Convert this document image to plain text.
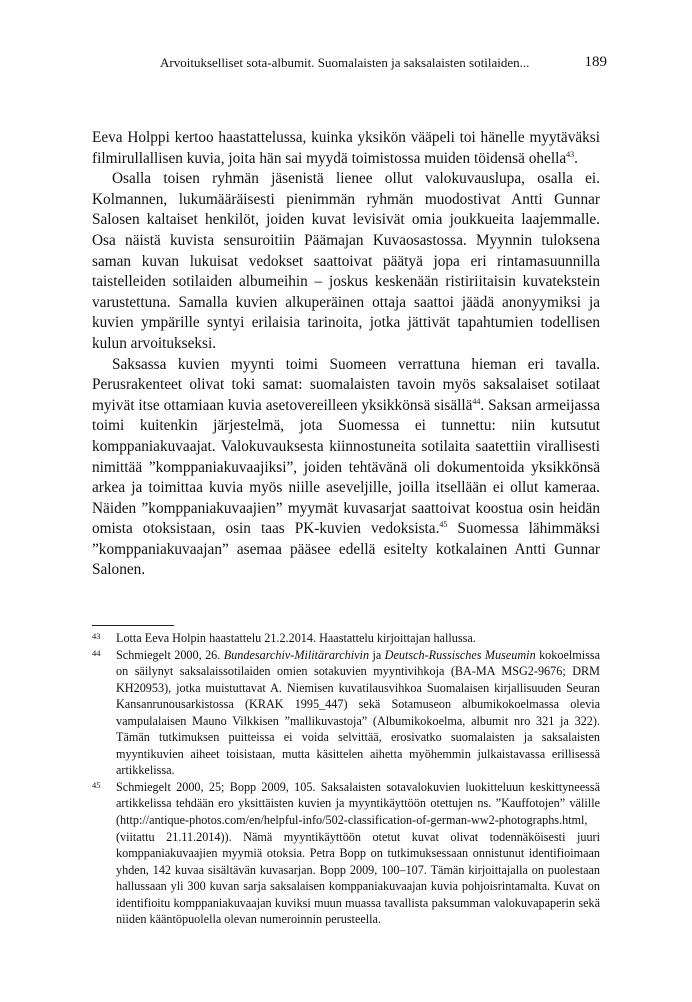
Arvoitukselliset sota-albumit. Suomalaisten ja saksalaisten sotilaiden...	189

Eeva Holppi kertoo haastattelussa, kuinka yksikön vääpeli toi hänelle myytäväksi filmirullallisen kuvia, joita hän sai myydä toimistossa muiden töidensä ohella$^{43}$.

Osalla toisen ryhmän jäsenistä lienee ollut valokuvauslupa, osalla ei. Kolmannen, lukumääräisesti pienimmän ryhmän muodostivat Antti Gunnar Salosen kaltaiset henkilöt, joiden kuvat levisivät omia joukkueita laajemmalle. Osa näistä kuvista sensuroitiin Päämajan Kuvaosastossa. Myynnin tuloksena saman kuvan lukuisat vedokset saattoivat päätyä jopa eri rintamasuunnilla taistelleiden sotilaiden albumeihin – joskus keskenään ristiriitaisin kuvatekstein varustettuna. Samalla kuvien alkuperäinen ottaja saattoi jäädä anonyymiksi ja kuvien ympärille syntyi erilaisia tarinoita, jotka jättivät tapahtumien todellisen kulun arvoitukseksi.

Saksassa kuvien myynti toimi Suomeen verrattuna hieman eri tavalla. Perusrakenteet olivat toki samat: suomalaisten tavoin myös saksalaiset sotilaat myivät itse ottamiaan kuvia asetovereilleen yksikkönsä sisällä$^{44}$. Saksan armeijassa toimi kuitenkin järjestelmä, jota Suomessa ei tunnettu: niin kutsutut komppaniakuvaajat. Valokuvauksesta kiinnostuneita sotilaita saatettiin virallisesti nimittää ”komppaniakuvaajiksi”, joiden tehtävänä oli dokumentoida yksikkönsä arkea ja toimittaa kuvia myös niille aseveljille, joilla itsellään ei ollut kameraa. Näiden ”komppaniakuvaajien” myymät kuvasarjat saattoivat koostua osin heidän omista otoksistaan, osin taas PK-kuvien vedoksista.$^{45}$ Suomessa lähimmäksi ”komppaniakuvaajan” asemaa pääsee edellä esitelty kotkalainen Antti Gunnar Salonen.

43 Lotta Eeva Holpin haastattelu 21.2.2014. Haastattelu kirjoittajan hallussa.
44 Schmiegelt 2000, 26. Bundesarchiv-Militärarchivin ja Deutsch-Russisches Museumin kokoelmissa on säilynyt saksalaissotilaiden omien sotakuvien myyntivihkoja (BA-MA MSG2-9676; DRM KH20953), jotka muistuttavat A. Niemisen kuvatilausvihkoa Suomalaisen kirjallisuuden Seuran Kansanrunousarkistossa (KRAK 1995_447) sekä Sotamuseon albumikokoelmassa olevia vampulalaisen Mauno Vilkkisen ”mallikuvastoja” (Albumikokoelma, albumit nro 321 ja 322). Tämän tutkimuksen puitteissa ei voida selvittää, erosivatko suomalaisten ja saksalaisten myyntikuvien aiheet toisistaan, mutta käsittelen aihetta myöhemmin julkaistavassa erillisessä artikkelissa.
45 Schmiegelt 2000, 25; Bopp 2009, 105. Saksalaisten sotavalokuvien luokitteluun keskittyneessä artikkelissa tehdään ero yksittäisten kuvien ja myyntikäyttöön otettujen ns. ”Kauffotojen” välille (http://antique-photos.com/en/helpful-info/502-classification-of-german-ww2-photographs.html, (viitattu 21.11.2014)). Nämä myyntikäyttöön otetut kuvat olivat todennäköisesti juuri komppaniakuvaajien myymiä otoksia. Petra Bopp on tutkimuksessaan onnistunut identifioimaan yhden, 142 kuvaa sisältävän kuvasarjan. Bopp 2009, 100–107. Tämän kirjoittajalla on puolestaan hallussaan yli 300 kuvan sarja saksalaisen komppaniakuvaajan kuvia pohjoisrintamalta. Kuvat on identifioitu komppaniakuvaajan kuviksi muun muassa tavallista paksumman valokuvapaperin sekä niiden kääntöpuolella olevan numeroinnin perusteella.
